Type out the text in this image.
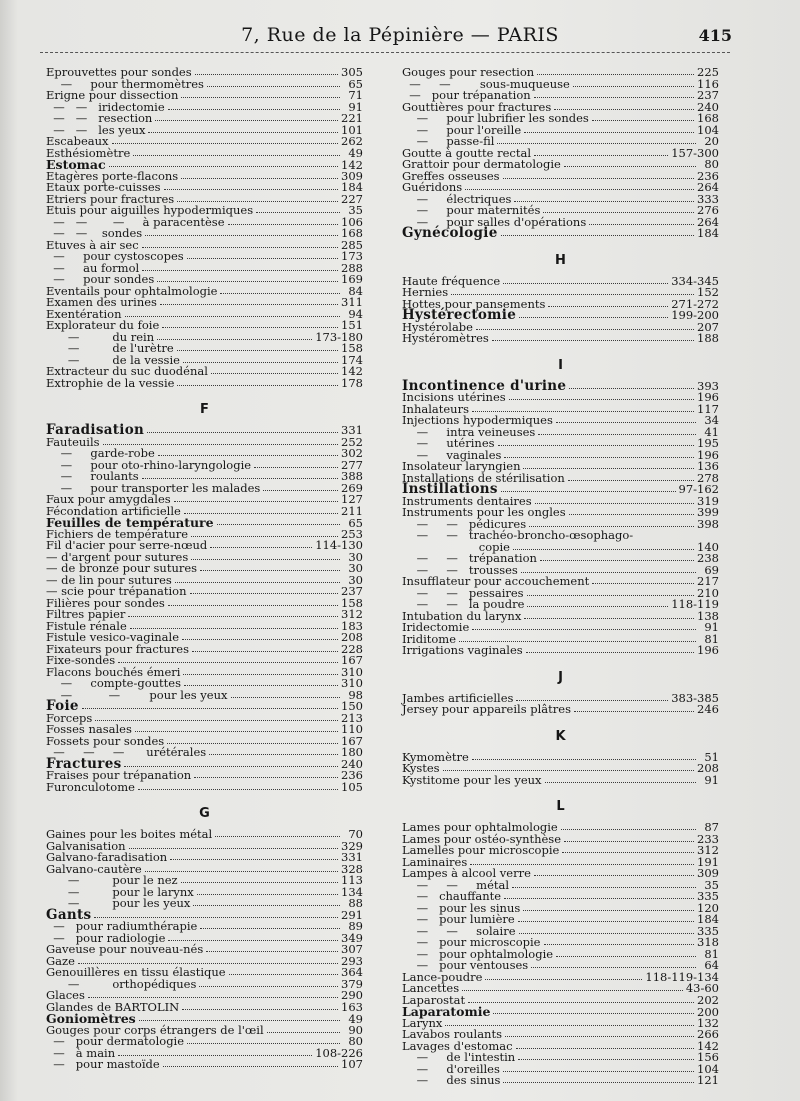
7, Rue de la Pépinière — PARIS	415
Eprouvettes pour sondes	305
—     pour thermomètres	65
Erigne pour dissection	71
—   —   iridectomie	91
—   —   resection	221
—   —   les yeux	101
Escabeaux	262
Esthésiomètre	49
Estomac	142
Etagères porte-flacons	309
Etaux porte-cuisses	184
Etriers pour fractures	227
Etuis pour aiguilles hypodermiques	35
—   —       —     à paracentèse	106
—   —    sondes	168
Etuves à air sec	285
—     pour cystoscopes	173
—     au formol	288
—     pour sondes	169
Eventails pour ophtalmologie	84
Examen des urines	311
Exentération	94
Explorateur du foie	151
—         du rein	173-180
—         de l'urètre	158
—         de la vessie	174
Extracteur du suc duodénal	142
Extrophie de la vessie	178
F
Faradisation	331
Fauteuils	252
—     garde-robe	302
—     pour oto-rhino-laryngologie	277
—     roulants	388
—     pour transporter les malades	269
Faux pour amygdales	127
Fécondation artificielle	211
Feuilles de température	65
Fichiers de température	253
Fil d'acier pour serre-nœud	114-130
— d'argent pour sutures	30
— de bronze pour sutures	30
— de lin pour sutures	30
— scie pour trépanation	237
Filières pour sondes	158
Filtres papier	312
Fistule rénale	183
Fistule vesico-vaginale	208
Fixateurs pour fractures	228
Fixe-sondes	167
Flacons bouchés émeri	310
—     compte-gouttes	310
—          —        pour les yeux	98
Foie	150
Forceps	213
Fosses nasales	110
Fossets pour sondes	167
—     —     —      urétérales	180
Fractures	240
Fraises pour trépanation	236
Furonculotome	105
G
Gaines pour les boites métal	70
Galvanisation	329
Galvano-faradisation	331
Galvano-cautère	328
—         pour le nez	113
—         pour le larynx	134
—         pour les yeux	88
Gants	291
—   pour radiumthérapie	89
—   pour radiologie	349
Gaveuse pour nouveau-nés	307
Gaze	293
Genouillères en tissu élastique	364
—         orthopédiques	379
Glaces	290
Glandes de BARTOLIN	163
Goniomètres	49
Gouges pour corps étrangers de l'œil	90
—   pour dermatologie	80
—   à main	108-226
—   pour mastoïde	107
Gouges pour resection	225
—     —        sous-muqueuse	116
—   pour trépanation	237
Gouttières pour fractures	240
—     pour lubrifier les sondes	168
—     pour l'oreille	104
—     passe-fil	20
Goutte à goutte rectal	157-300
Grattoir pour dermatologie	80
Greffes osseuses	236
Guéridons	264
—     électriques	333
—     pour maternités	276
—     pour salles d'opérations	264
Gynécologie	184
H
Haute fréquence	334-345
Hernies	152
Hottes pour pansements	271-272
Hystérectomie	199-200
Hystérolabe	207
Hystéromètres	188
I
Incontinence d'urine	393
Incisions utérines	196
Inhalateurs	117
Injections hypodermiques	34
—     intra veineuses	41
—     utérines	195
—     vaginales	196
Insolateur laryngien	136
Installations de stérilisation	278
Instillations	97-162
Instruments dentaires	319
Instruments pour les ongles	399
—     —   pédicures	398
—     —   trachéo-broncho-œsophago-
copie	140
—     —   trépanation	238
—     —   trousses	69
Insufflateur pour accouchement	217
—     —   pessaires	210
—     —   la poudre	118-119
Intubation du larynx	138
Iridectomie	91
Iriditome	81
Irrigations vaginales	196
J
Jambes artificielles	383-385
Jersey pour appareils plâtres	246
K
Kymomètre	51
Kystes	208
Kystitome pour les yeux	91
L
Lames pour ophtalmologie	87
Lames pour ostéo-synthèse	233
Lamelles pour microscopie	312
Laminaires	191
Lampes à alcool verre	309
—     —     métal	35
—   chauffante	335
—   pour les sinus	120
—   pour lumière	184
—     —     solaire	335
—   pour microscopie	318
—   pour ophtalmologie	81
—   pour ventouses	64
Lance-poudre	118-119-134
Lancettes	43-60
Laparostat	202
Laparatomie	200
Larynx	132
Lavabos roulants	266
Lavages d'estomac	142
—     de l'intestin	156
—     d'oreilles	104
—     des sinus	121
